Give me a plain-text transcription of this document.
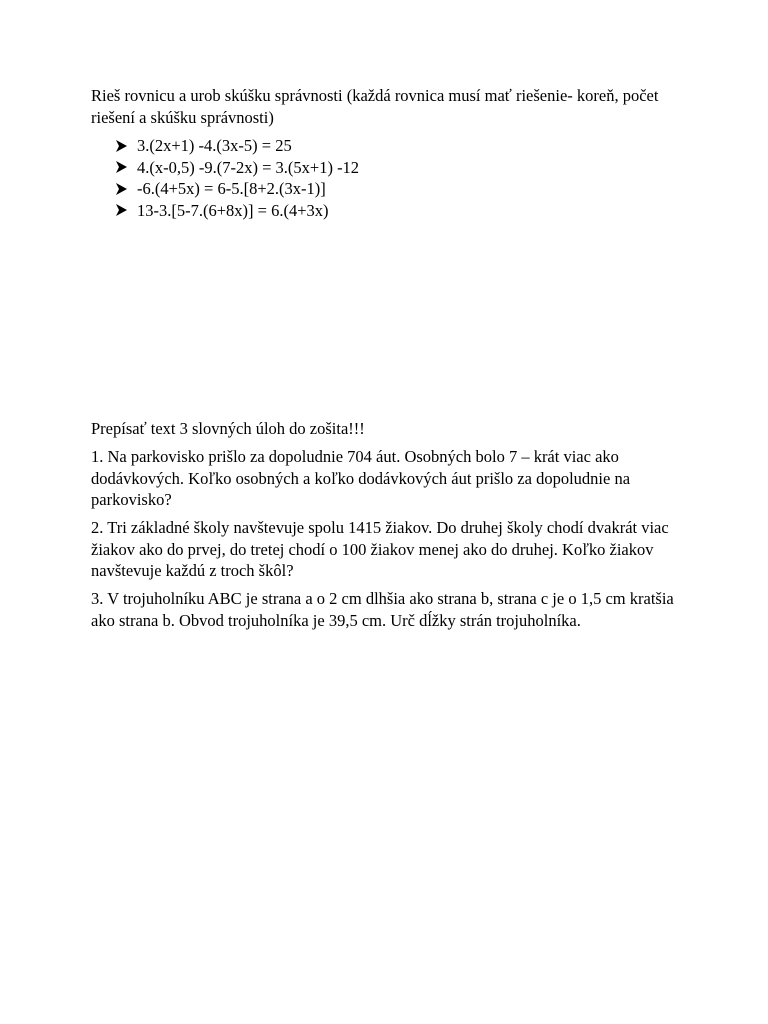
Rieš rovnicu a urob skúšku správnosti (každá rovnica musí mať riešenie- koreň, počet riešení a skúšku správnosti)

3.(2x+1) -4.(3x-5) = 25
4.(x-0,5) -9.(7-2x) = 3.(5x+1) -12
-6.(4+5x) = 6-5.[8+2.(3x-1)]
13-3.[5-7.(6+8x)] = 6.(4+3x)

Prepísať text 3 slovných úloh do zošita!!!

1. Na parkovisko prišlo za dopoludnie 704 áut. Osobných bolo 7 – krát viac ako dodávkových. Koľko osobných a koľko dodávkových áut prišlo za dopoludnie na parkovisko?

2. Tri základné školy navštevuje spolu 1415 žiakov. Do druhej školy chodí dvakrát viac žiakov ako do prvej, do tretej chodí o 100 žiakov menej ako do druhej. Koľko žiakov navštevuje každú z troch škôl?

3. V trojuholníku ABC je strana a o 2 cm dlhšia ako strana b, strana c je o 1,5 cm kratšia ako strana b. Obvod trojuholníka je 39,5 cm. Urč dĺžky strán trojuholníka.
